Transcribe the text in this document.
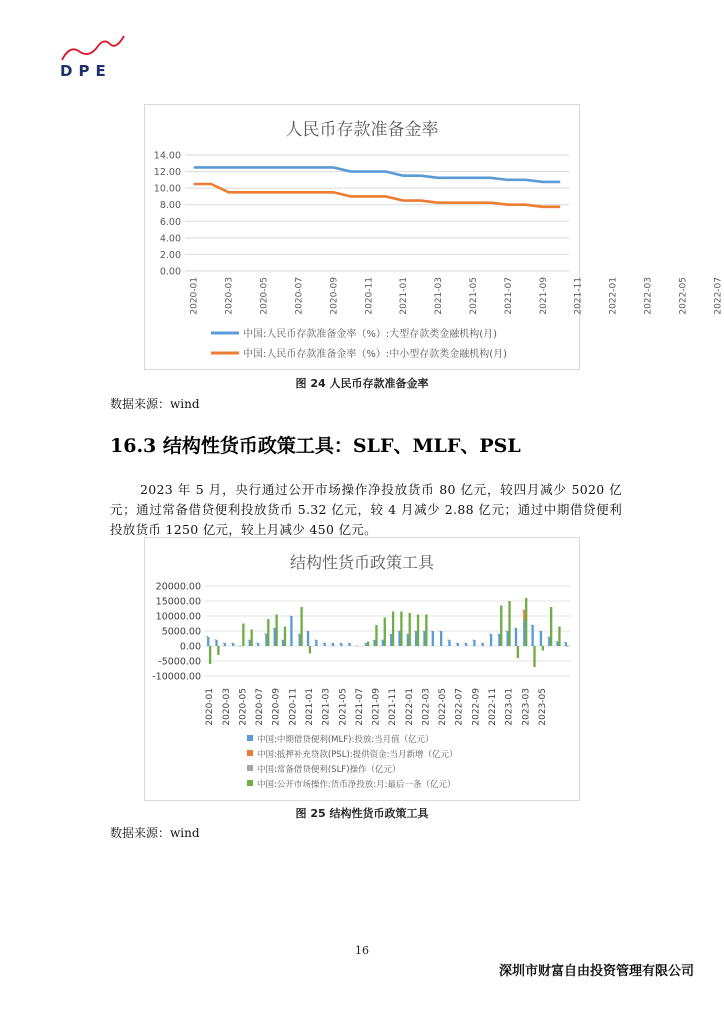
DPE
人民币存款准备金率
14.00
12.00
10.00
8.00
6.00
4.00
2.00
0.00
2020-01	2020-03	2020-05	2020-07	2020-09	2020-11	2021-01	2021-03	2021-05	2021-07	2021-09	2021-11	2022-01	2022-03	2022-05	2022-07
中国:人民币存款准备金率（%）:大型存款类金融机构(月)
中国:人民币存款准备金率（%）:中小型存款类金融机构(月)
图 24 人民币存款准备金率
数据来源：wind
16.3 结构性货币政策工具：SLF、MLF、PSL
2023 年 5 月，央行通过公开市场操作净投放货币 80 亿元，较四月减少 5020 亿元；通过常备借贷便利投放货币 5.32 亿元，较 4 月减少 2.88 亿元；通过中期借贷便利投放货币 1250 亿元，较上月减少 450 亿元。
结构性货币政策工具
20000.00
15000.00
10000.00
5000.00
0.00
-5000.00
-10000.00
2020-01 2020-03 2020-05 2020-07 2020-09 2020-11 2021-01 2021-03 2021-05 2021-07 2021-09 2021-11 2022-01 2022-03 2022-05 2022-07 2022-09 2022-11 2023-01 2023-03 2023-05
中国:中期借贷便利(MLF):投放:当月值（亿元）
中国:抵押补充贷款(PSL):提供资金:当月新增（亿元）
中国:常备借贷便利(SLF)操作（亿元）
中国:公开市场操作:货币净投放:月:最后一条（亿元）
图 25 结构性货币政策工具
数据来源：wind
16
深圳市财富自由投资管理有限公司
